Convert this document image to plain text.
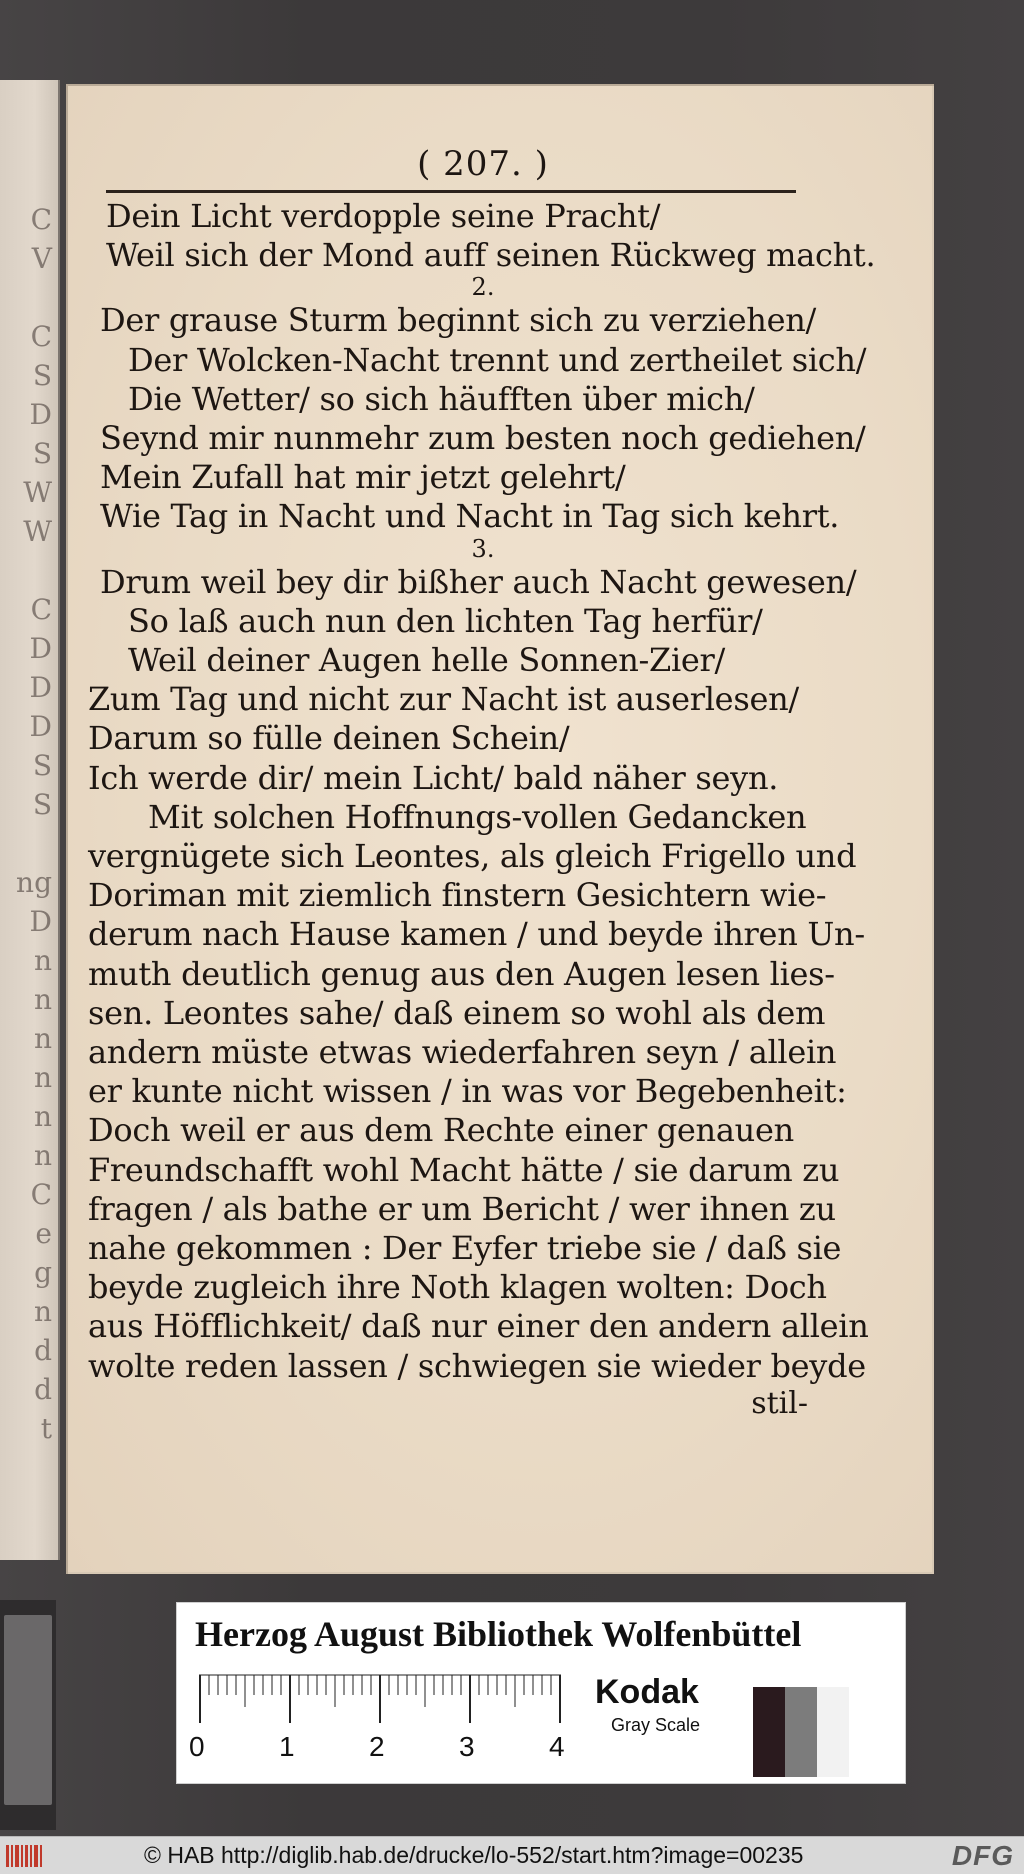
C
V

C
S
D
S
W
W

C
D
D
D
S
S

ng
D
n
n
n
n
n
n
C
e
g
n
d
d
t
( 207. )
Dein Licht verdopple seine Pracht/
Weil sich der Mond auff seinen Rückweg macht.
2.
Der grause Sturm beginnt sich zu verziehen/
Der Wolcken-Nacht trennt und zertheilet sich/
Die Wetter/ so sich häufften über mich/
Seynd mir nunmehr zum besten noch gediehen/
Mein Zufall hat mir jetzt gelehrt/
Wie Tag in Nacht und Nacht in Tag sich kehrt.
3.
Drum weil bey dir bißher auch Nacht gewesen/
So laß auch nun den lichten Tag herfür/
Weil deiner Augen helle Sonnen-Zier/
Zum Tag und nicht zur Nacht ist auserlesen/
Darum so fülle deinen Schein/
Ich werde dir/ mein Licht/ bald näher seyn.
Mit solchen Hoffnungs-vollen Gedancken
vergnügete sich Leontes, als gleich Frigello und
Doriman mit ziemlich finstern Gesichtern wie-
derum nach Hause kamen / und beyde ihren Un-
muth deutlich genug aus den Augen lesen lies-
sen. Leontes sahe/ daß einem so wohl als dem
andern müste etwas wiederfahren seyn / allein
er kunte nicht wissen / in was vor Begebenheit:
Doch weil er aus dem Rechte einer genauen
Freundschafft wohl Macht hätte / sie darum zu
fragen / als bathe er um Bericht / wer ihnen zu
nahe gekommen : Der Eyfer triebe sie / daß sie
beyde zugleich ihre Noth klagen wolten: Doch
aus Höfflichkeit/ daß nur einer den andern allein
wolte reden lassen / schwiegen sie wieder beyde
stil-
Herzog August Bibliothek Wolfenbüttel
0	1	2	3	4
Kodak
Gray Scale
© HAB http://diglib.hab.de/drucke/lo-552/start.htm?image=00235	DFG
